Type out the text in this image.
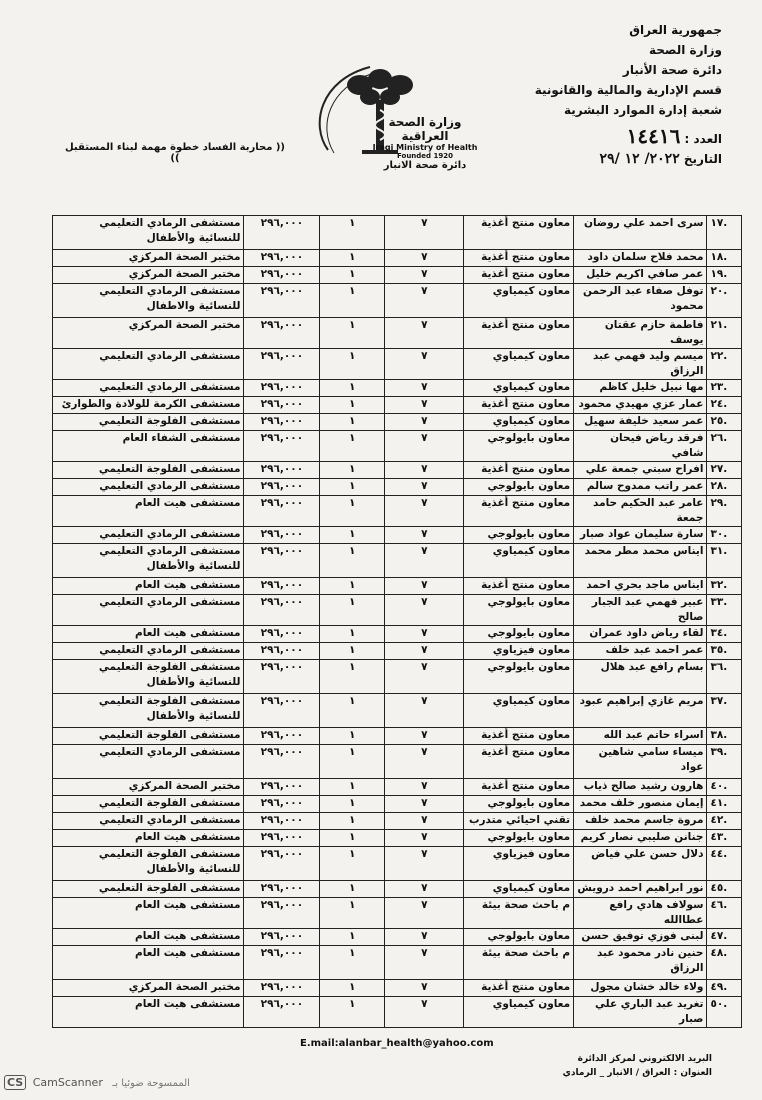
جمهورية العراق
وزارة الصحة
دائرة صحة الأنبار
قسم الإدارية والمالية والقانونية
شعبة إدارة الموارد البشرية
العدد : ١٤٤١٦
التاريخ ٢٠٢٢/ ١٢ /٢٩
وزارة الصحة العراقية
Iraqi Ministry of Health
Founded 1920
دائرة صحة الانبار
(( محاربة الفساد خطوة مهمة لبناء المستقبل ))
١٧.	سرى احمد علي روضان	معاون منتج أغذية	٧	١	٢٩٦,٠٠٠	مستشفى الرمادي التعليمي للنسائية والأطفال
١٨.	محمد فلاح سلمان داود	معاون منتج أغذية	٧	١	٢٩٦,٠٠٠	مختبر الصحة المركزي
١٩.	عمر صافي اكريم خليل	معاون منتج أغذية	٧	١	٢٩٦,٠٠٠	مختبر الصحة المركزي
٢٠.	توفل صفاء عبد الرحمن محمود	معاون كيمياوي	٧	١	٢٩٦,٠٠٠	مستشفى الرمادي التعليمي للنسائية والاطفال
٢١.	فاطمة حازم عقتان يوسف	معاون منتج أغذية	٧	١	٢٩٦,٠٠٠	مختبر الصحة المركزي
٢٢.	ميسم وليد فهمي عبد الرزاق	معاون كيمياوي	٧	١	٢٩٦,٠٠٠	مستشفى الرمادي التعليمي
٢٣.	مها نبيل خليل كاظم	معاون كيمياوي	٧	١	٢٩٦,٠٠٠	مستشفى الرمادي التعليمي
٢٤.	عمار عزي مهيدي محمود	معاون منتج أغذية	٧	١	٢٩٦,٠٠٠	مستشفى الكرمة للولادة والطوارئ
٢٥.	عمر سعيد خليفة سهيل	معاون كيمياوي	٧	١	٢٩٦,٠٠٠	مستشفى الفلوجة التعليمي
٢٦.	فرقد رياض فيحان شافي	معاون بايولوجي	٧	١	٢٩٦,٠٠٠	مستشفى الشفاء العام
٢٧.	افراح سبتي جمعة علي	معاون منتج أغذية	٧	١	٢٩٦,٠٠٠	مستشفى الفلوجة التعليمي
٢٨.	عمر راتب ممدوح سالم	معاون بايولوجي	٧	١	٢٩٦,٠٠٠	مستشفى الرمادي التعليمي
٢٩.	عامر عبد الحكيم حامد جمعة	معاون منتج أغذية	٧	١	٢٩٦,٠٠٠	مستشفى هيت العام
٣٠.	سارة سليمان عواد صبار	معاون بايولوجي	٧	١	٢٩٦,٠٠٠	مستشفى الرمادي التعليمي
٣١.	ايناس محمد مطر محمد	معاون كيمياوي	٧	١	٢٩٦,٠٠٠	مستشفى الرمادي التعليمي للنسائية والأطفال
٣٢.	ايناس ماجد بحري احمد	معاون منتج أغذية	٧	١	٢٩٦,٠٠٠	مستشفى هيت العام
٣٣.	عبير فهمي عبد الجبار صالح	معاون بايولوجي	٧	١	٢٩٦,٠٠٠	مستشفى الرمادي التعليمي
٣٤.	لقاء رياض داود عمران	معاون بايولوجي	٧	١	٢٩٦,٠٠٠	مستشفى هيت العام
٣٥.	عمر احمد عبد خلف	معاون فيزياوي	٧	١	٢٩٦,٠٠٠	مستشفى الرمادي التعليمي
٣٦.	بسام رافع عبد هلال	معاون بايولوجي	٧	١	٢٩٦,٠٠٠	مستشفى الفلوجة التعليمي للنسائية والأطفال
٣٧.	مريم غازي إبراهيم عبود	معاون كيمياوي	٧	١	٢٩٦,٠٠٠	مستشفى الفلوجة التعليمي للنسائية والأطفال
٣٨.	اسراء حاتم عبد الله	معاون منتج أغذية	٧	١	٢٩٦,٠٠٠	مستشفى الفلوجة التعليمي
٣٩.	ميساء سامي شاهين عواد	معاون منتج أغذية	٧	١	٢٩٦,٠٠٠	مستشفى الرمادي التعليمي
٤٠.	هارون رشيد صالح ذياب	معاون منتج أغذية	٧	١	٢٩٦,٠٠٠	مختبر الصحة المركزي
٤١.	إيمان منصور خلف محمد	معاون بايولوجي	٧	١	٢٩٦,٠٠٠	مستشفى الفلوجة التعليمي
٤٢.	مروة جاسم محمد خلف	تقني احيائي متدرب	٧	١	٢٩٦,٠٠٠	مستشفى الرمادي التعليمي
٤٣.	جنانن صليبي نصار كريم	معاون بايولوجي	٧	١	٢٩٦,٠٠٠	مستشفى هيت العام
٤٤.	دلال حسن علي فياض	معاون فيزياوي	٧	١	٢٩٦,٠٠٠	مستشفى الفلوجة التعليمي للنسائية والأطفال
٤٥.	نور ابراهيم احمد درويش	معاون كيمياوي	٧	١	٢٩٦,٠٠٠	مستشفى الفلوجة التعليمي
٤٦.	سولاف هادي رافع عطاالله	م باحث صحة بيئة	٧	١	٢٩٦,٠٠٠	مستشفى هيت العام
٤٧.	لبنى فوزي توفيق حسن	معاون بايولوجي	٧	١	٢٩٦,٠٠٠	مستشفى هيت العام
٤٨.	حنين نادر محمود عبد الرزاق	م باحث صحة بيئة	٧	١	٢٩٦,٠٠٠	مستشفى هيت العام
٤٩.	ولاء خالد خشان مجول	معاون منتج أغذية	٧	١	٢٩٦,٠٠٠	مختبر الصحة المركزي
٥٠.	تغريد عبد الباري علي صبار	معاون كيمياوي	٧	١	٢٩٦,٠٠٠	مستشفى هيت العام
E.mail:alanbar_health@yahoo.com
البريد الالكتروني لمركز الدائرة
العنوان : العراق / الانبار _ الرمادي
CS CamScanner الممسوحة ضوئيا بـ
